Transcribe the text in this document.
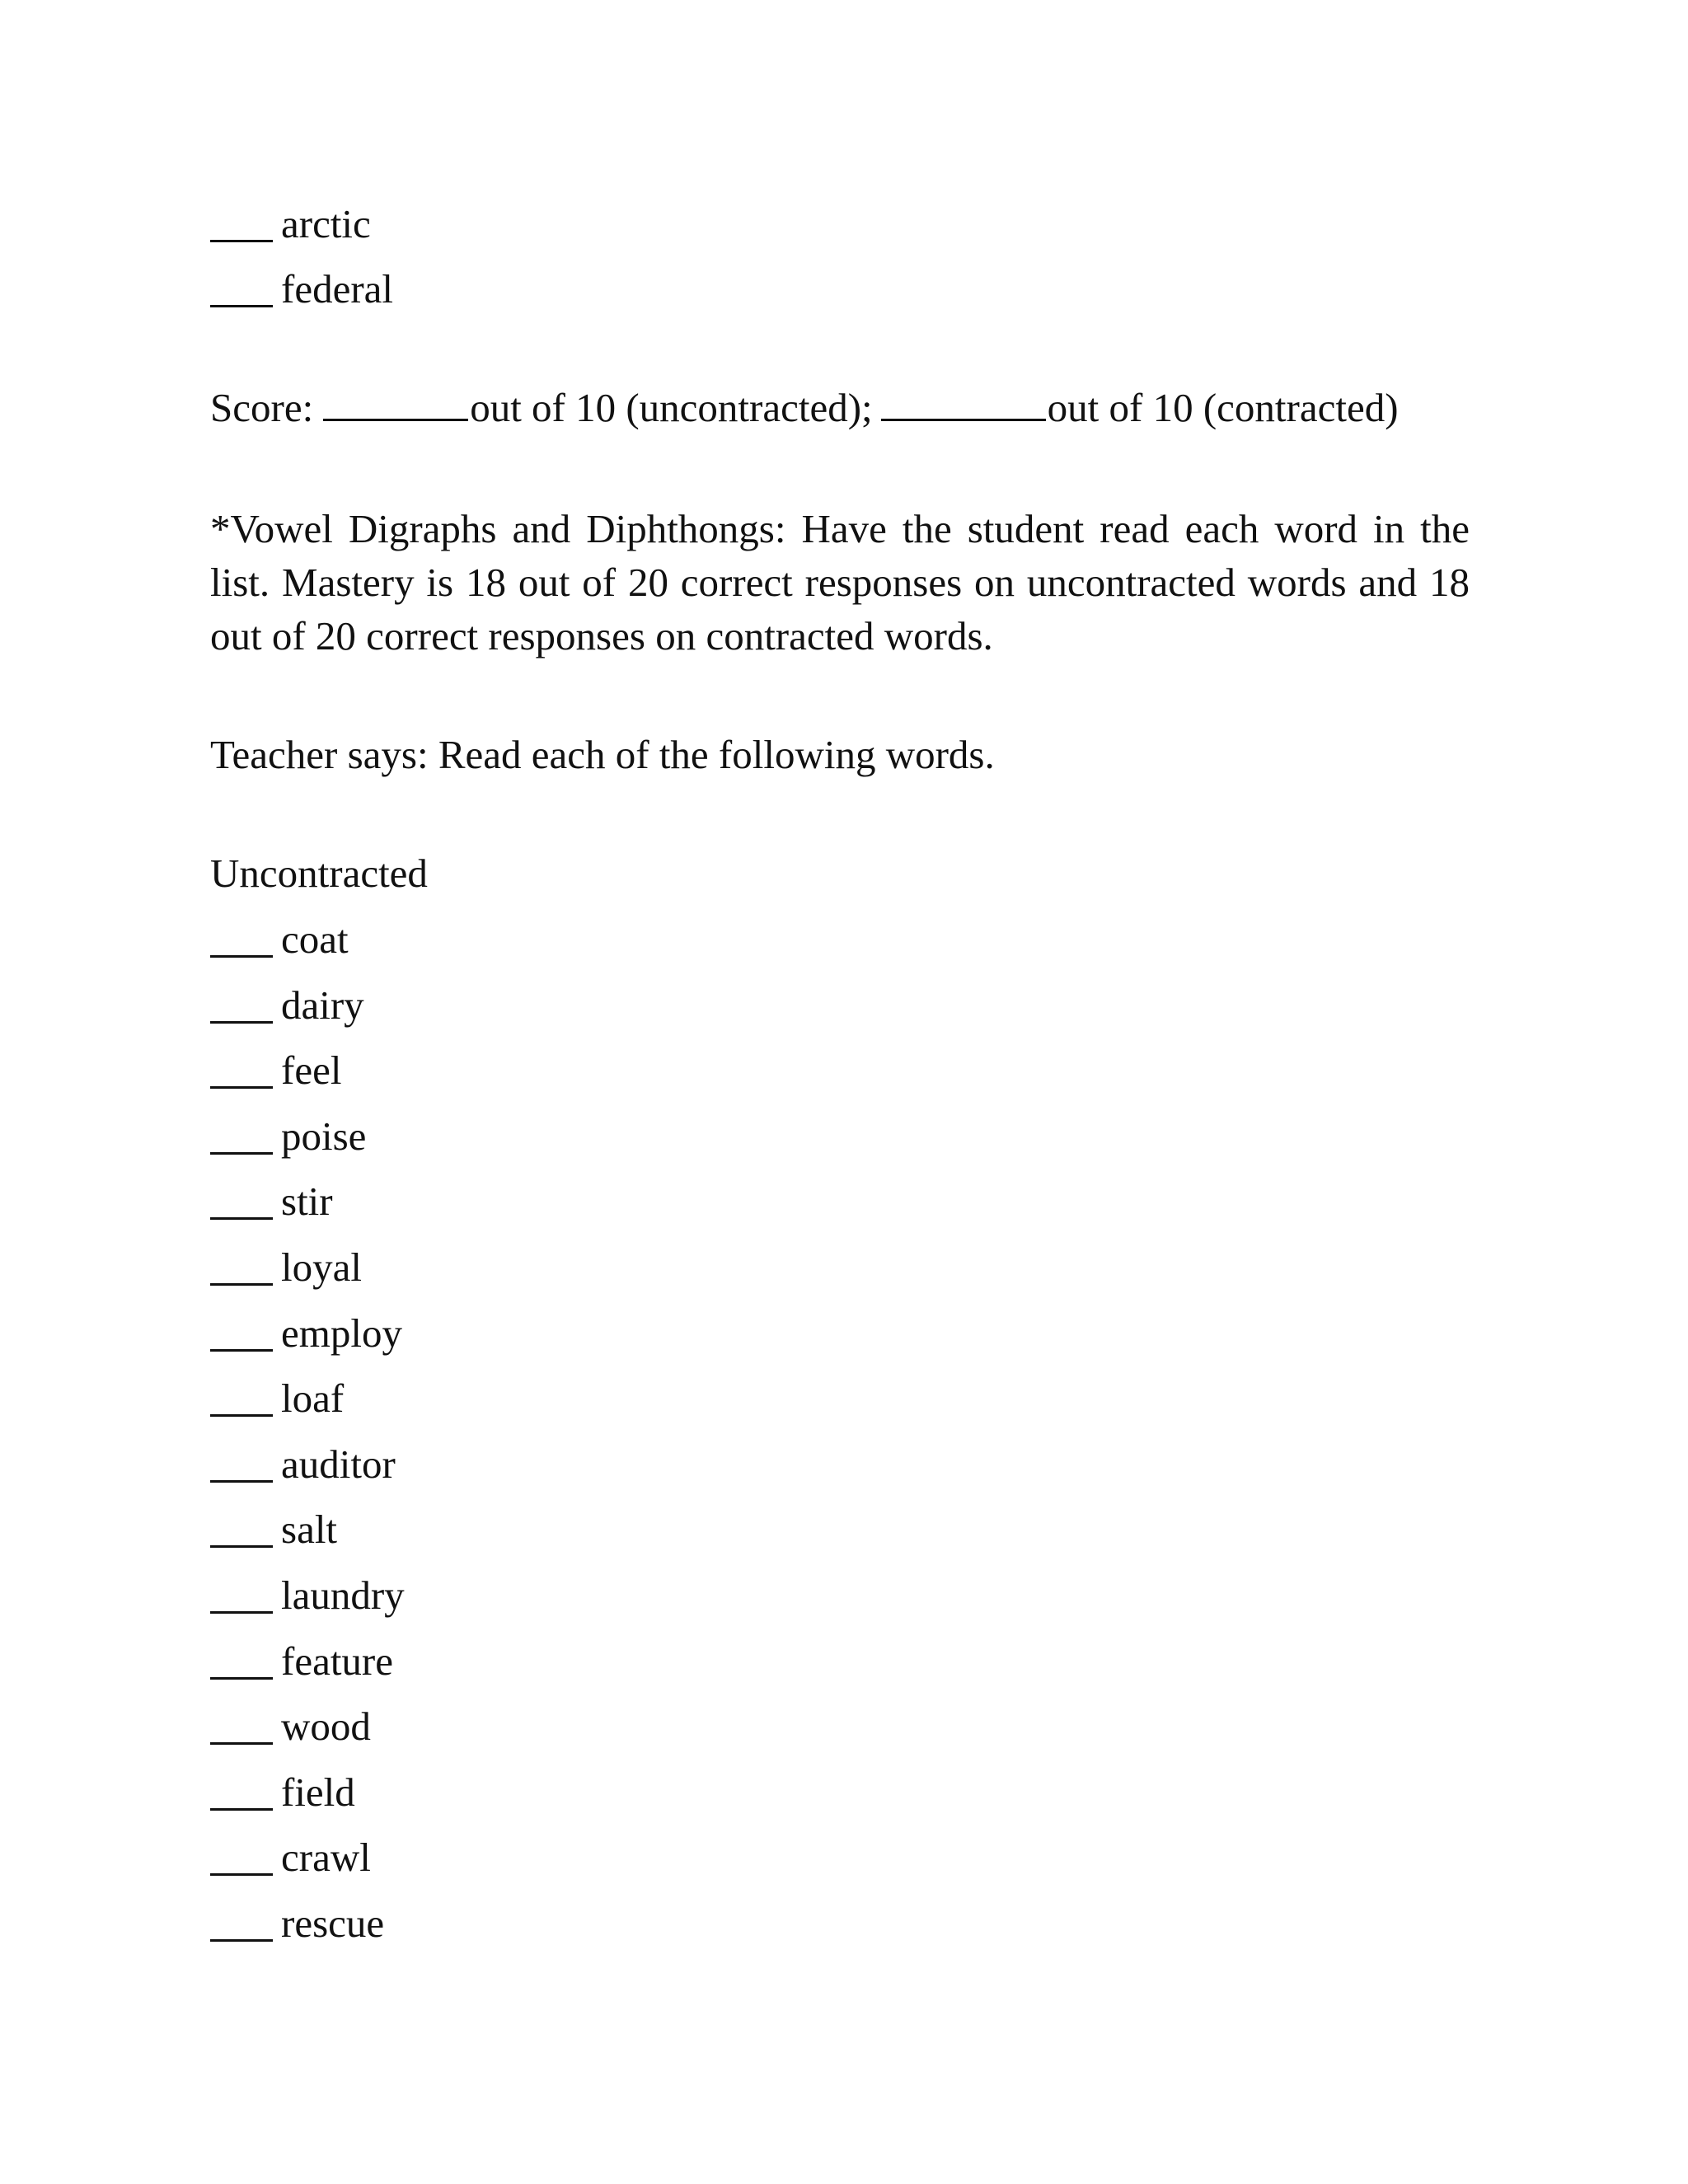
arctic
federal
Score:	out of 10 (uncontracted);	out of 10 (contracted)
*Vowel Digraphs and Diphthongs: Have the student read each word in the list. Mastery is 18 out of 20 correct responses on uncontracted words and 18 out of 20 correct responses on contracted words.
Teacher says: Read each of the following words.
Uncontracted
coat
dairy
feel
poise
stir
loyal
employ
loaf
auditor
salt
laundry
feature
wood
field
crawl
rescue
